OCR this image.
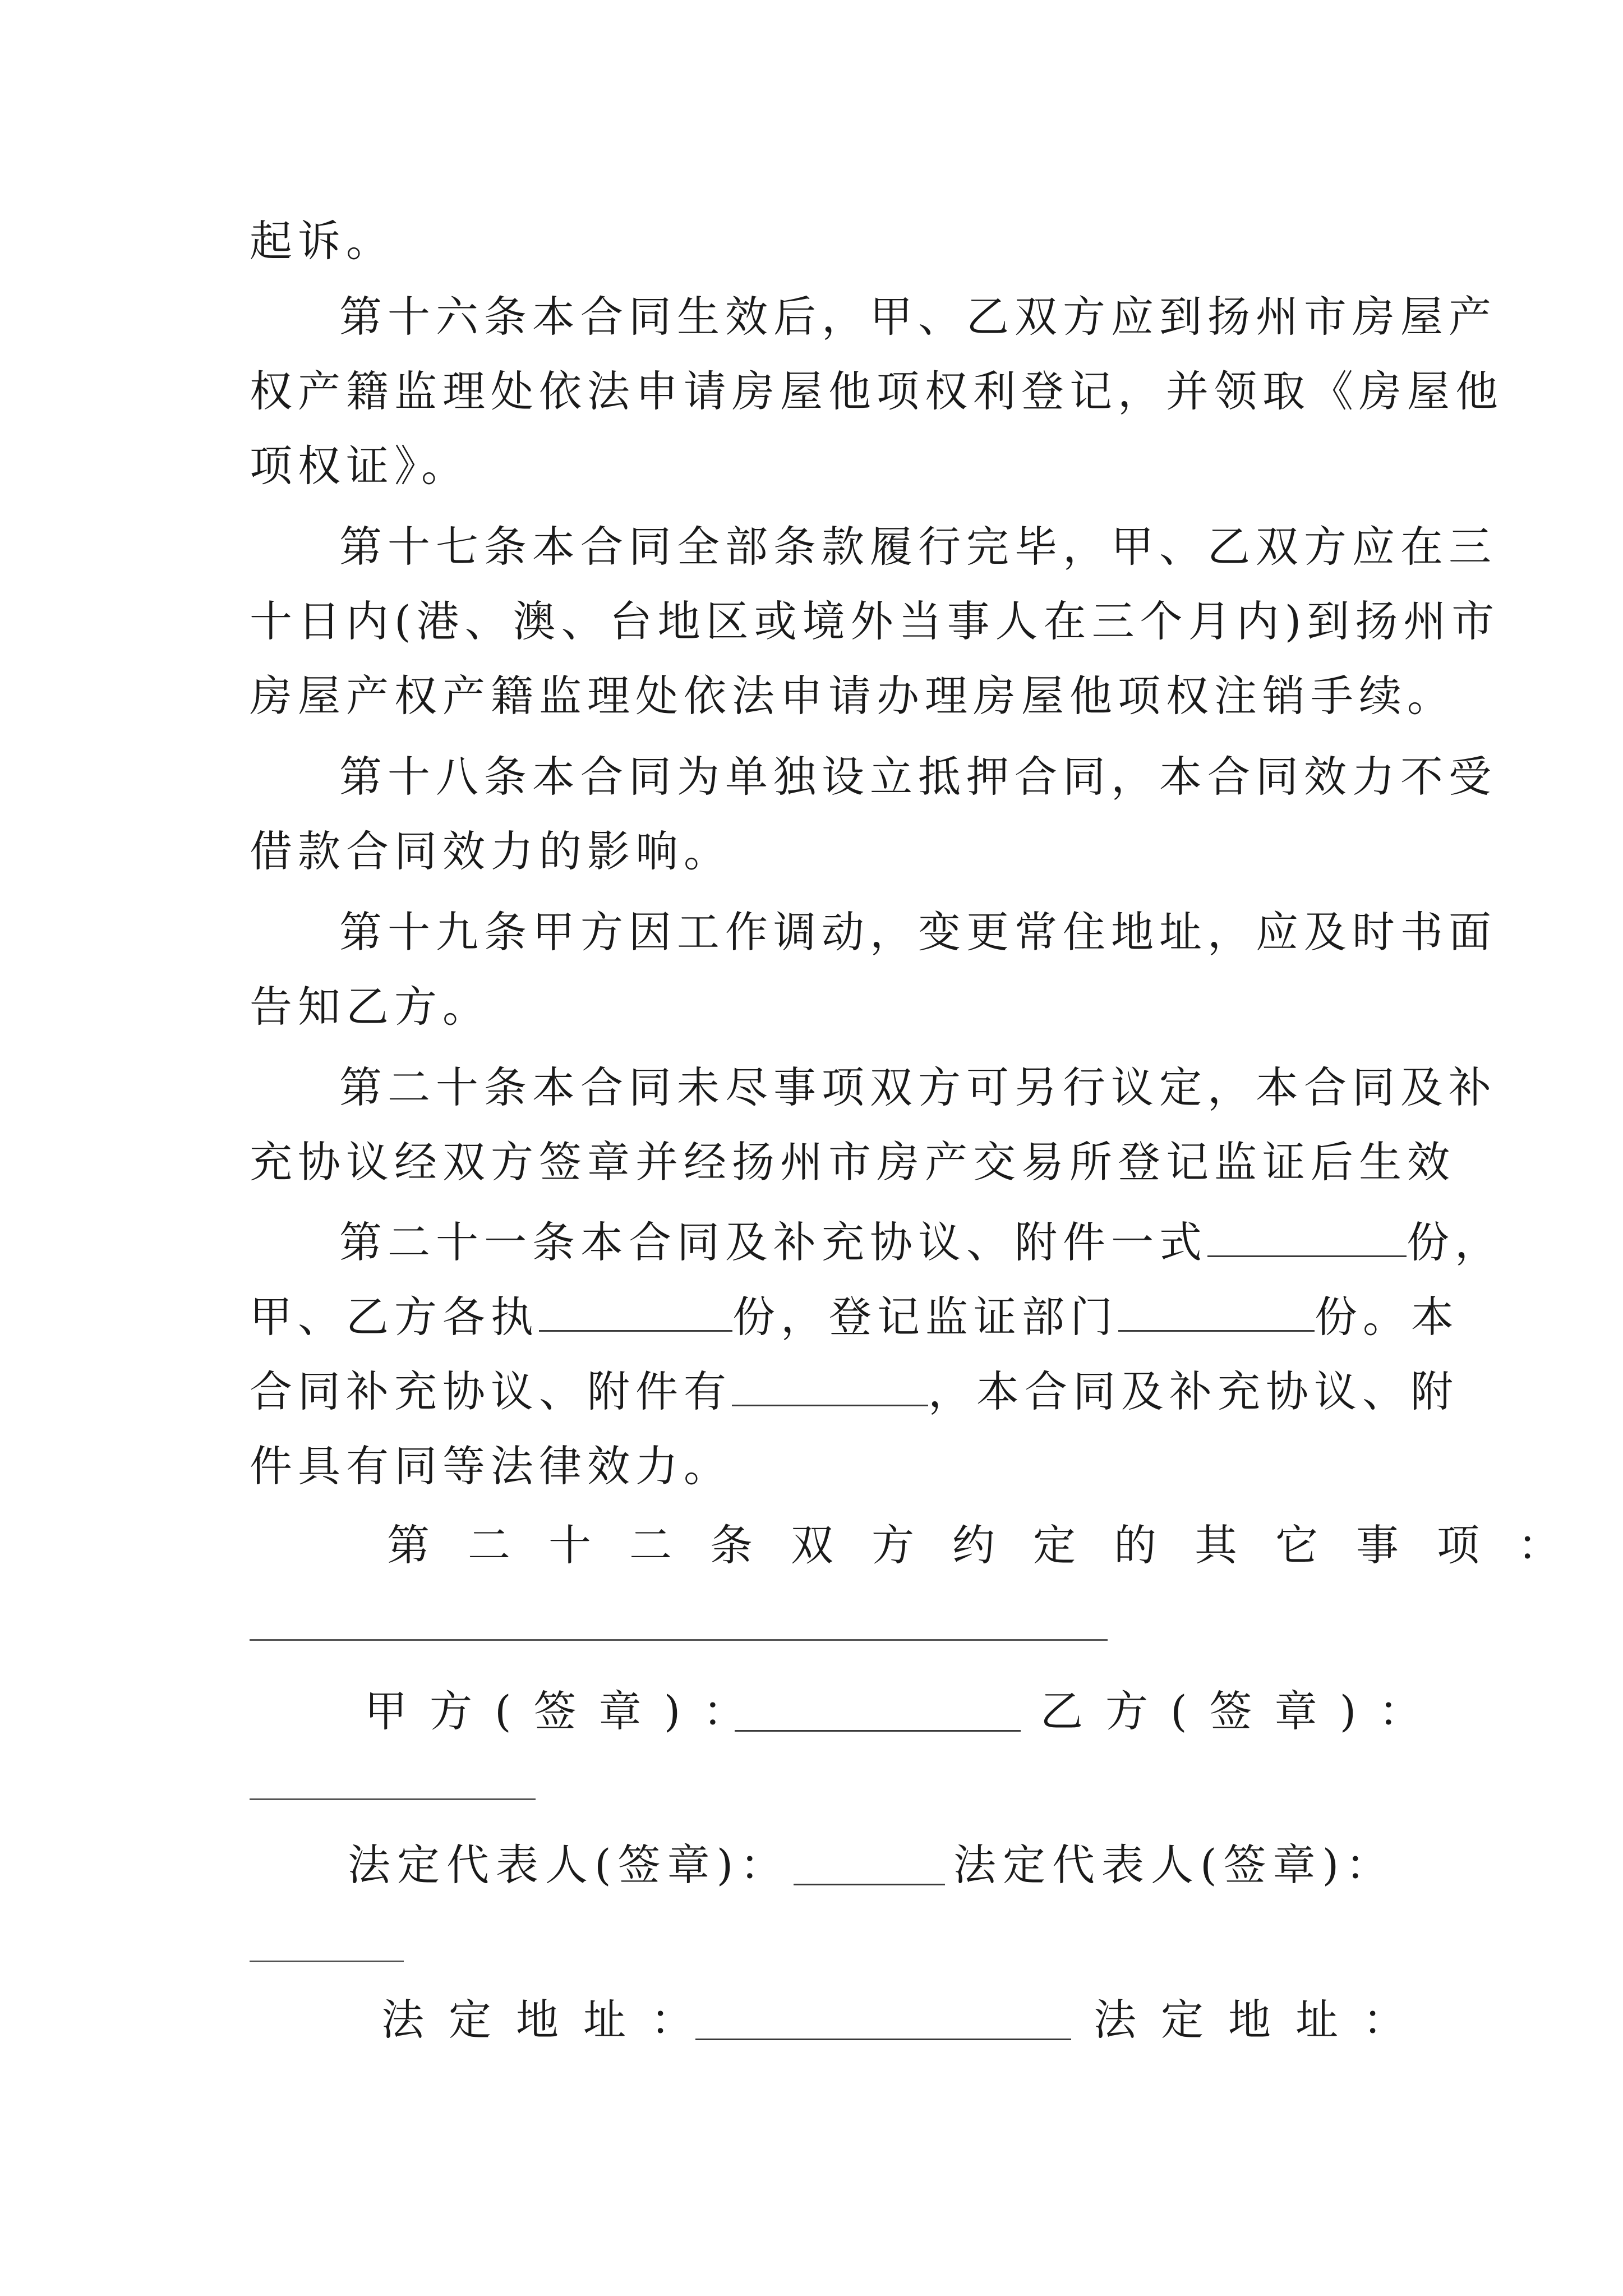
起诉。
第十六条本合同生效后，甲、乙双方应到扬州市房屋产
权产籍监理处依法申请房屋他项权利登记，并领取《房屋他
项权证》。
第十七条本合同全部条款履行完毕，甲、乙双方应在三
十日内(港、澳、台地区或境外当事人在三个月内)到扬州市
房屋产权产籍监理处依法申请办理房屋他项权注销手续。
第十八条本合同为单独设立抵押合同，本合同效力不受
借款合同效力的影响。
第十九条甲方因工作调动，变更常住地址，应及时书面
告知乙方。
第二十条本合同未尽事项双方可另行议定，本合同及补
充协议经双方签章并经扬州市房产交易所登记监证后生效
第二十一条本合同及补充协议、附件一式	份，
甲、乙方各执	份，登记监证部门	份。本
合同补充协议、附件有	，本合同及补充协议、附
件具有同等法律效力。
第二十二条双方约定的其它事项：
甲方(签章)：	乙方(签章)：
法定代表人(签章)：	法定代表人(签章)：
法定地址：	法定地址：
